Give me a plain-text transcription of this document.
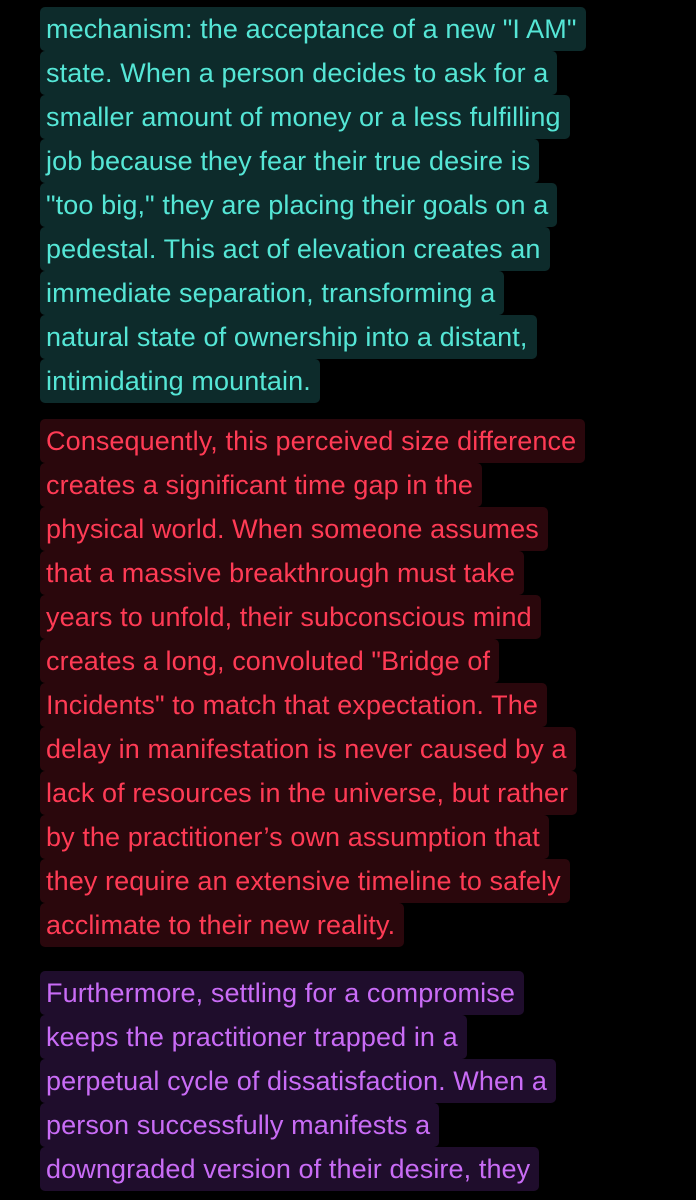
mechanism: the acceptance of a new "I AM"
state. When a person decides to ask for a
smaller amount of money or a less fulfilling
job because they fear their true desire is
"too big," they are placing their goals on a
pedestal. This act of elevation creates an
immediate separation, transforming a
natural state of ownership into a distant,
intimidating mountain.
Consequently, this perceived size difference
creates a significant time gap in the
physical world. When someone assumes
that a massive breakthrough must take
years to unfold, their subconscious mind
creates a long, convoluted "Bridge of
Incidents" to match that expectation. The
delay in manifestation is never caused by a
lack of resources in the universe, but rather
by the practitioner’s own assumption that
they require an extensive timeline to safely
acclimate to their new reality.
Furthermore, settling for a compromise
keeps the practitioner trapped in a
perpetual cycle of dissatisfaction. When a
person successfully manifests a
downgraded version of their desire, they
